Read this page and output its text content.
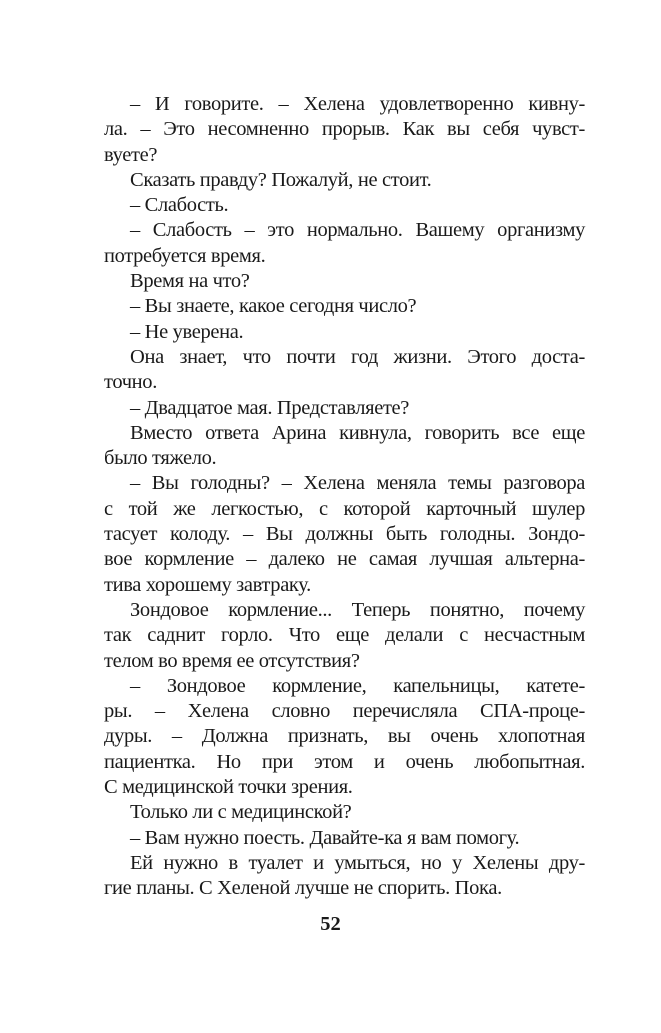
– И говорите. – Хелена удовлетворенно кивну-
ла. – Это несомненно прорыв. Как вы себя чувст-
вуете?
Сказать правду? Пожалуй, не стоит.
– Слабость.
– Слабость – это нормально. Вашему организму
потребуется время.
Время на что?
– Вы знаете, какое сегодня число?
– Не уверена.
Она знает, что почти год жизни. Этого доста-
точно.
– Двадцатое мая. Представляете?
Вместо ответа Арина кивнула, говорить все еще
было тяжело.
– Вы голодны? – Хелена меняла темы разговора
с той же легкостью, с которой карточный шулер
тасует колоду. – Вы должны быть голодны. Зондо-
вое кормление – далеко не самая лучшая альтерна-
тива хорошему завтраку.
Зондовое кормление... Теперь понятно, почему
так саднит горло. Что еще делали с несчастным
телом во время ее отсутствия?
– Зондовое кормление, капельницы, катете-
ры. – Хелена словно перечисляла СПА-проце-
дуры. – Должна признать, вы очень хлопотная
пациентка. Но при этом и очень любопытная.
С медицинской точки зрения.
Только ли с медицинской?
– Вам нужно поесть. Давайте-ка я вам помогу.
Ей нужно в туалет и умыться, но у Хелены дру-
гие планы. С Хеленой лучше не спорить. Пока.
52
